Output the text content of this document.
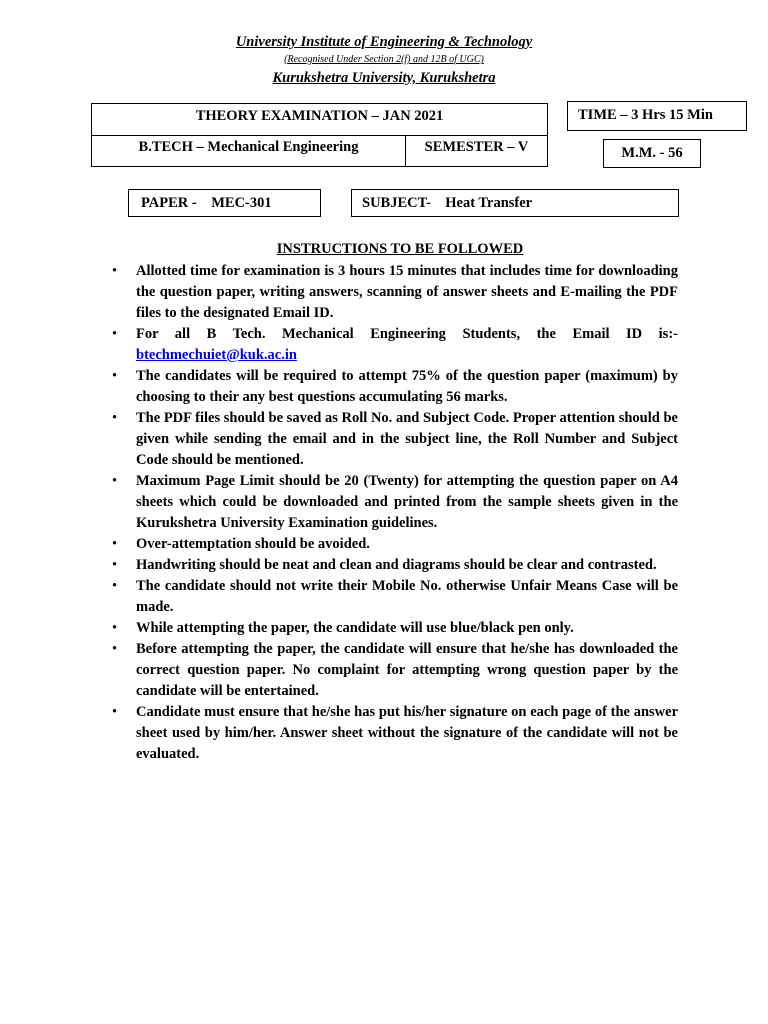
University Institute of Engineering & Technology
(Recognised Under Section 2(f) and 12B of UGC)
Kurukshetra University, Kurukshetra
THEORY EXAMINATION – JAN 2021
B.TECH – Mechanical Engineering	SEMESTER – V
TIME – 3 Hrs 15 Min
M.M. - 56
PAPER -    MEC-301	SUBJECT-    Heat Transfer
INSTRUCTIONS TO BE FOLLOWED
• Allotted time for examination is 3 hours 15 minutes that includes time for downloading the question paper, writing answers, scanning of answer sheets and E-mailing the PDF files to the designated Email ID.
• For all B Tech. Mechanical Engineering Students, the Email ID is:- btechmechuiet@kuk.ac.in
• The candidates will be required to attempt 75% of the question paper (maximum) by choosing to their any best questions accumulating 56 marks.
• The PDF files should be saved as Roll No. and Subject Code. Proper attention should be given while sending the email and in the subject line, the Roll Number and Subject Code should be mentioned.
• Maximum Page Limit should be 20 (Twenty) for attempting the question paper on A4 sheets which could be downloaded and printed from the sample sheets given in the Kurukshetra University Examination guidelines.
• Over-attemptation should be avoided.
• Handwriting should be neat and clean and diagrams should be clear and contrasted.
• The candidate should not write their Mobile No. otherwise Unfair Means Case will be made.
• While attempting the paper, the candidate will use blue/black pen only.
• Before attempting the paper, the candidate will ensure that he/she has downloaded the correct question paper. No complaint for attempting wrong question paper by the candidate will be entertained.
• Candidate must ensure that he/she has put his/her signature on each page of the answer sheet used by him/her. Answer sheet without the signature of the candidate will not be evaluated.
